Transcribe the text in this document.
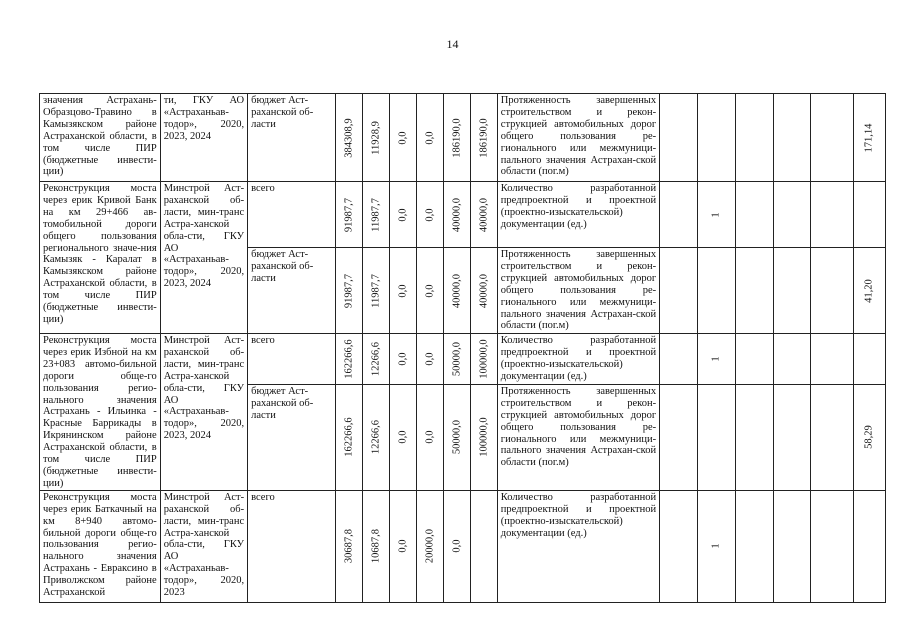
14
значения Астрахань-Образцово-Травино в Камызякском районе Астраханской области, в том числе ПИР (бюджетные инвести-ции)	ти, ГКУ АО «Астраханьав-тодор», 2020, 2023, 2024	бюджет Аст-раханской об-ласти	384308,9	11928,9	0,0	0,0	186190,0	186190,0	Протяженность завершенных строительством и рекон-струкцией автомобильных дорог общего пользования ре-гионального или межмуници-пального значения Астрахан-ской области (пог.м)						171,14

Реконструкция моста через ерик Кривой Банк на км 29+466 ав-томобильной дороги общего пользования регионального значе-ния Камызяк - Каралат в Камызякском районе Астраханской области, в том числе ПИР (бюджетные инвести-ции)	Минстрой Аст-раханской об-ласти, мин-транс Астра-ханской обла-сти, ГКУ АО «Астраханьав-тодор», 2020, 2023, 2024	всего	91987,7	11987,7	0,0	0,0	40000,0	40000,0	Количество разработанной предпроектной и проектной (проектно-изыскательской) документации (ед.)		1				

		бюджет Аст-раханской об-ласти	91987,7	11987,7	0,0	0,0	40000,0	40000,0	Протяженность завершенных строительством и рекон-струкцией автомобильных дорог общего пользования ре-гионального или межмуници-пального значения Астрахан-ской области (пог.м)						41,20

Реконструкция моста через ерик Избной на км 23+083 автомо-бильной дороги обще-го пользования регио-нального значения Астрахань - Ильинка - Красные Баррикады в Икрянинском районе Астраханской области, в том числе ПИР (бюджетные инвести-ции)	Минстрой Аст-раханской об-ласти, мин-транс Астра-ханской обла-сти, ГКУ АО «Астраханьав-тодор», 2020, 2023, 2024	всего	162266,6	12266,6	0,0	0,0	50000,0	100000,0	Количество разработанной предпроектной и проектной (проектно-изыскательской) документации (ед.)		1				

		бюджет Аст-раханской об-ласти	162266,6	12266,6	0,0	0,0	50000,0	100000,0	Протяженность завершенных строительством и рекон-струкцией автомобильных дорог общего пользования ре-гионального или межмуници-пального значения Астрахан-ской области (пог.м)						58,29

Реконструкция моста через ерик Баткачный на км 8+940 автомо-бильной дороги обще-го пользования регио-нального значения Астрахань - Евраксино в Приволжском районе Астраханской	Минстрой Аст-раханской об-ласти, мин-транс Астра-ханской обла-сти, ГКУ АО «Астраханьав-тодор», 2020, 2023	всего	30687,8	10687,8	0,0	20000,0	0,0		Количество разработанной предпроектной и проектной (проектно-изыскательской) документации (ед.)		1				
